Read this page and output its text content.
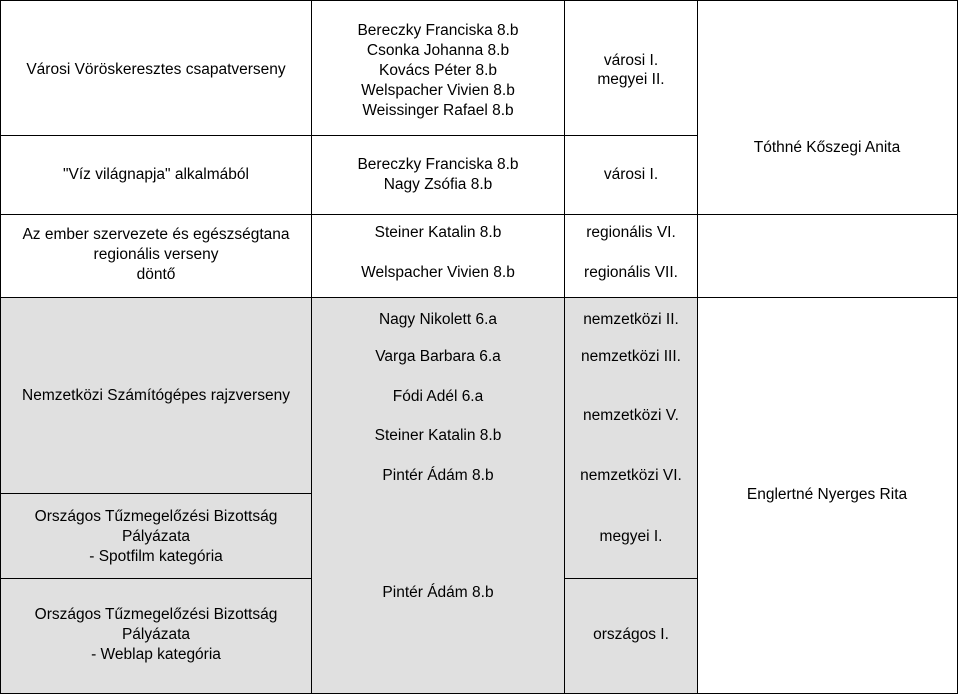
Városi Vöröskeresztes csapatverseny
Bereczky Franciska 8.b
Csonka Johanna 8.b
Kovács Péter 8.b
Welspacher Vivien 8.b
Weissinger Rafael 8.b
városi I.
megyei II.
"Víz világnapja" alkalmából
Bereczky Franciska 8.b
Nagy Zsófia 8.b
városi I.
Tóthné Kőszegi Anita
Az ember szervezete és egészségtana
regionális verseny
döntő
Steiner Katalin 8.b
Welspacher Vivien 8.b
regionális VI.
regionális VII.
Nemzetközi Számítógépes rajzverseny
Nagy Nikolett 6.a
Varga Barbara 6.a
Fódi Adél 6.a
Steiner Katalin 8.b
Pintér Ádám 8.b
nemzetközi II.
nemzetközi III.
nemzetközi V.
nemzetközi VI.
Englertné Nyerges Rita
Országos Tűzmegelőzési Bizottság
Pályázata
- Spotfilm kategória
megyei I.
Országos Tűzmegelőzési Bizottság
Pályázata
- Weblap kategória
Pintér Ádám 8.b
országos I.
